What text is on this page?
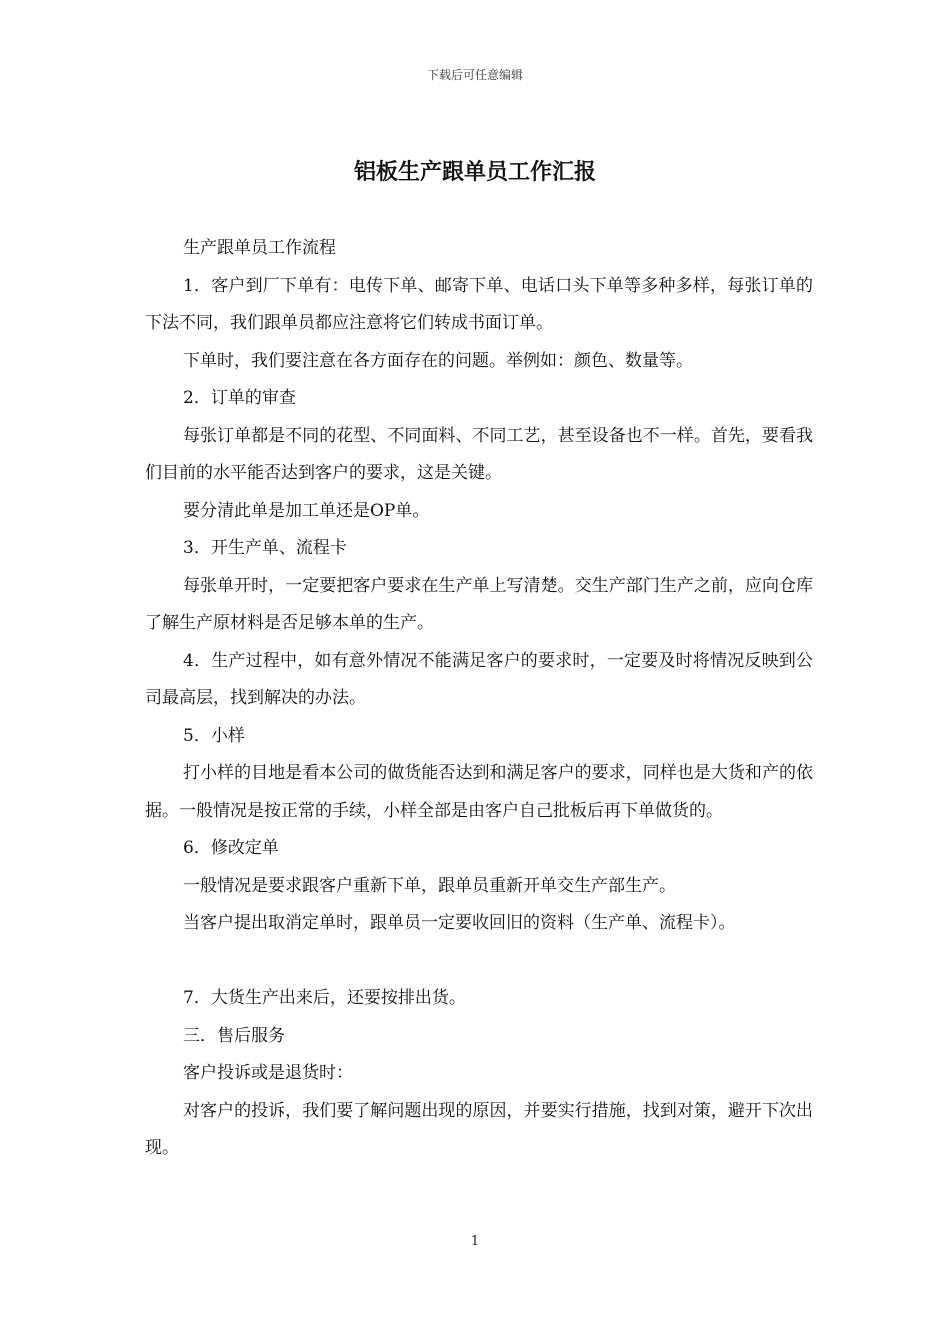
下载后可任意编辑
铝板生产跟单员工作汇报

生产跟单员工作流程

1．客户到厂下单有：电传下单、邮寄下单、电话口头下单等多种多样，每张订单的下法不同，我们跟单员都应注意将它们转成书面订单。

下单时，我们要注意在各方面存在的问题。举例如：颜色、数量等。

2．订单的审查

每张订单都是不同的花型、不同面料、不同工艺，甚至设备也不一样。首先，要看我们目前的水平能否达到客户的要求，这是关键。

要分清此单是加工单还是OP单。

3．开生产单、流程卡

每张单开时，一定要把客户要求在生产单上写清楚。交生产部门生产之前，应向仓库了解生产原材料是否足够本单的生产。

4．生产过程中，如有意外情况不能满足客户的要求时，一定要及时将情况反映到公司最高层，找到解决的办法。

5．小样

打小样的目地是看本公司的做货能否达到和满足客户的要求，同样也是大货和产的依据。一般情况是按正常的手续，小样全部是由客户自己批板后再下单做货的。

6．修改定单

一般情况是要求跟客户重新下单，跟单员重新开单交生产部生产。

当客户提出取消定单时，跟单员一定要收回旧的资料（生产单、流程卡）。

7．大货生产出来后，还要按排出货。

三．售后服务

客户投诉或是退货时：

对客户的投诉，我们要了解问题出现的原因，并要实行措施，找到对策，避开下次出现。

1
